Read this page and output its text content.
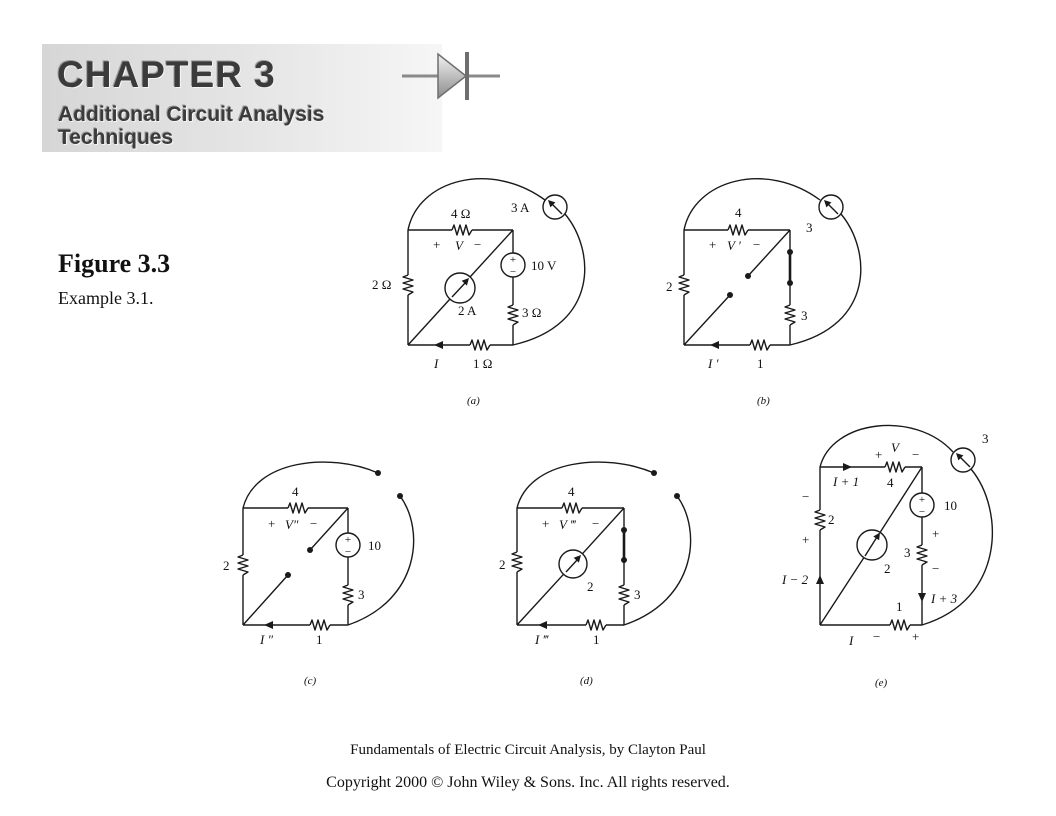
CHAPTER 3
Additional Circuit Analysis
Techniques
Figure 3.3
Example 3.1.
4 Ω	3 A
+ V −
10 V
+
−
2 Ω
2 A	3 Ω
I	1 Ω
(a)
4
3
+ V ′ −
2
3
I ′	1
(b)
4
+ V″ −
10
+
−
2
3
I ″	1
(c)
4
+ V ‴ −
2
2
3
I ‴	1
(d)
+ V −
I + 1 4
3
10
+
−
+
3
−
I + 3
−
2
+
I − 2
2
1
I − +
(e)
Fundamentals of Electric Circuit Analysis, by Clayton Paul
Copyright 2000 © John Wiley & Sons. Inc. All rights reserved.
